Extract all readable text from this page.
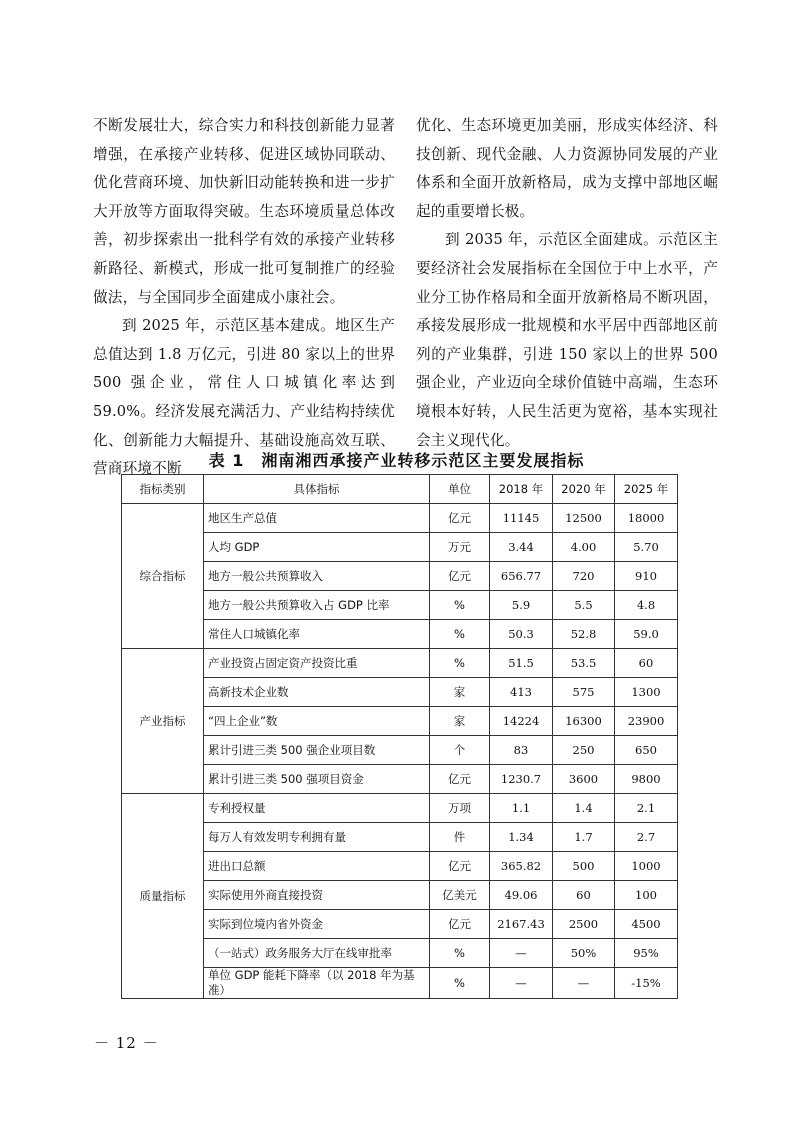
不断发展壮大，综合实力和科技创新能力显著增强，在承接产业转移、促进区域协同联动、优化营商环境、加快新旧动能转换和进一步扩大开放等方面取得突破。生态环境质量总体改善，初步探索出一批科学有效的承接产业转移新路径、新模式，形成一批可复制推广的经验做法，与全国同步全面建成小康社会。

到 2025 年，示范区基本建成。地区生产总值达到 1.8 万亿元，引进 80 家以上的世界 500 强企业，常住人口城镇化率达到 59.0%。经济发展充满活力、产业结构持续优化、创新能力大幅提升、基础设施高效互联、营商环境不断

优化、生态环境更加美丽，形成实体经济、科技创新、现代金融、人力资源协同发展的产业体系和全面开放新格局，成为支撑中部地区崛起的重要增长极。

到 2035 年，示范区全面建成。示范区主要经济社会发展指标在全国位于中上水平，产业分工协作格局和全面开放新格局不断巩固，承接发展形成一批规模和水平居中西部地区前列的产业集群，引进 150 家以上的世界 500 强企业，产业迈向全球价值链中高端，生态环境根本好转，人民生活更为宽裕，基本实现社会主义现代化。

表 1　湘南湘西承接产业转移示范区主要发展指标

指标类别	具体指标	单位	2018 年	2020 年	2025 年
综合指标	地区生产总值	亿元	11145	12500	18000
	人均 GDP	万元	3.44	4.00	5.70
	地方一般公共预算收入	亿元	656.77	720	910
	地方一般公共预算收入占 GDP 比率	%	5.9	5.5	4.8
	常住人口城镇化率	%	50.3	52.8	59.0
产业指标	产业投资占固定资产投资比重	%	51.5	53.5	60
	高新技术企业数	家	413	575	1300
	“四上企业”数	家	14224	16300	23900
	累计引进三类 500 强企业项目数	个	83	250	650
	累计引进三类 500 强项目资金	亿元	1230.7	3600	9800
质量指标	专利授权量	万项	1.1	1.4	2.1
	每万人有效发明专利拥有量	件	1.34	1.7	2.7
	进出口总额	亿元	365.82	500	1000
	实际使用外商直接投资	亿美元	49.06	60	100
	实际到位境内省外资金	亿元	2167.43	2500	4500
	（一站式）政务服务大厅在线审批率	%	—	50%	95%
	单位 GDP 能耗下降率（以 2018 年为基准）	%	—	—	-15%

－ 12 －
